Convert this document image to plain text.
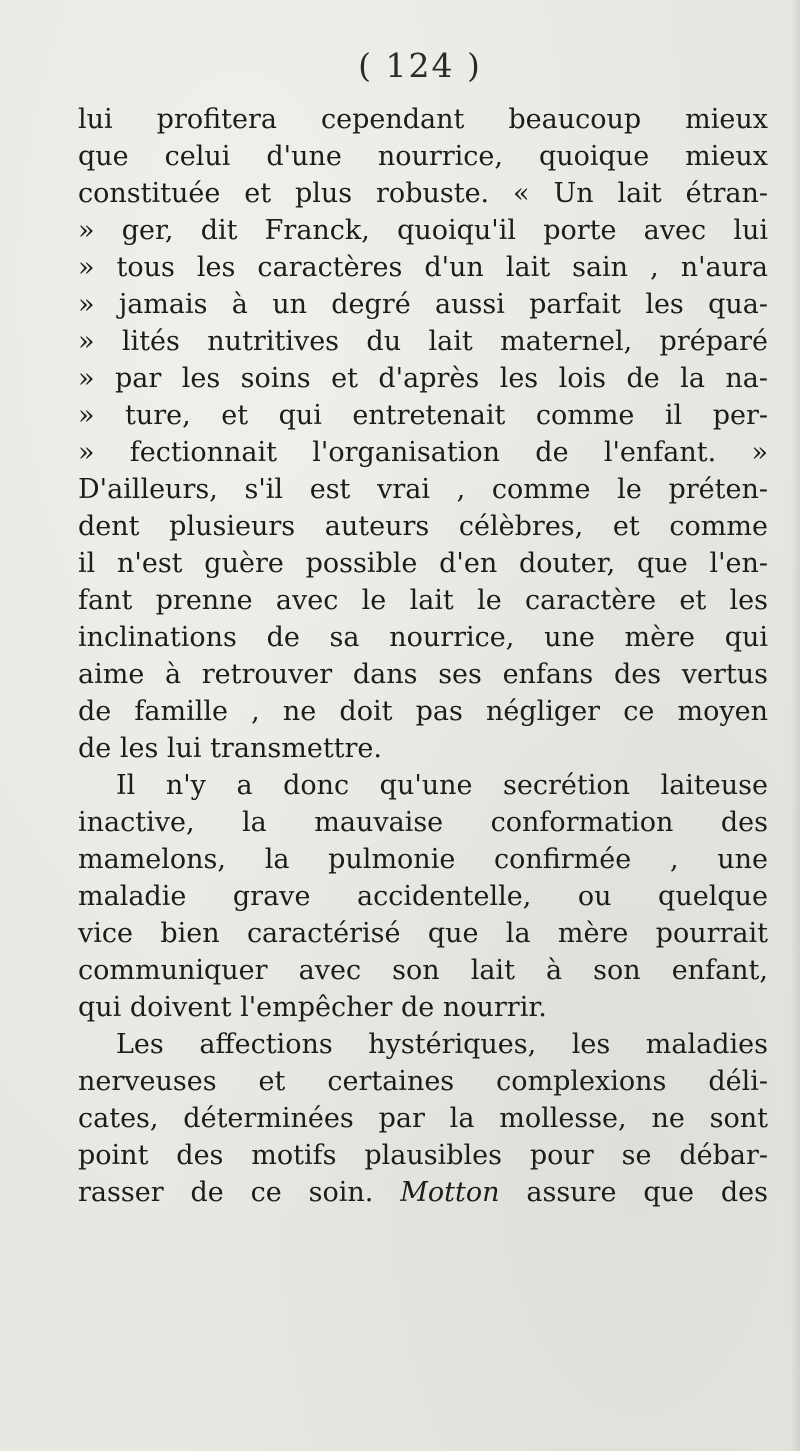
( 124 )
lui profitera cependant beaucoup mieux
que celui d'une nourrice, quoique mieux
constituée et plus robuste. « Un lait étran-
» ger, dit Franck, quoiqu'il porte avec lui
» tous les caractères d'un lait sain , n'aura
» jamais à un degré aussi parfait les qua-
» lités nutritives du lait maternel, préparé
» par les soins et d'après les lois de la na-
» ture, et qui entretenait comme il per-
» fectionnait l'organisation de l'enfant. »
D'ailleurs, s'il est vrai , comme le préten-
dent plusieurs auteurs célèbres, et comme
il n'est guère possible d'en douter, que l'en-
fant prenne avec le lait le caractère et les
inclinations de sa nourrice, une mère qui
aime à retrouver dans ses enfans des vertus
de famille , ne doit pas négliger ce moyen
de les lui transmettre.
Il n'y a donc qu'une secrétion laiteuse
inactive, la mauvaise conformation des
mamelons, la pulmonie confirmée , une
maladie grave accidentelle, ou quelque
vice bien caractérisé que la mère pourrait
communiquer avec son lait à son enfant,
qui doivent l'empêcher de nourrir.
Les affections hystériques, les maladies
nerveuses et certaines complexions déli-
cates, déterminées par la mollesse, ne sont
point des motifs plausibles pour se débar-
rasser de ce soin. Motton assure que des
